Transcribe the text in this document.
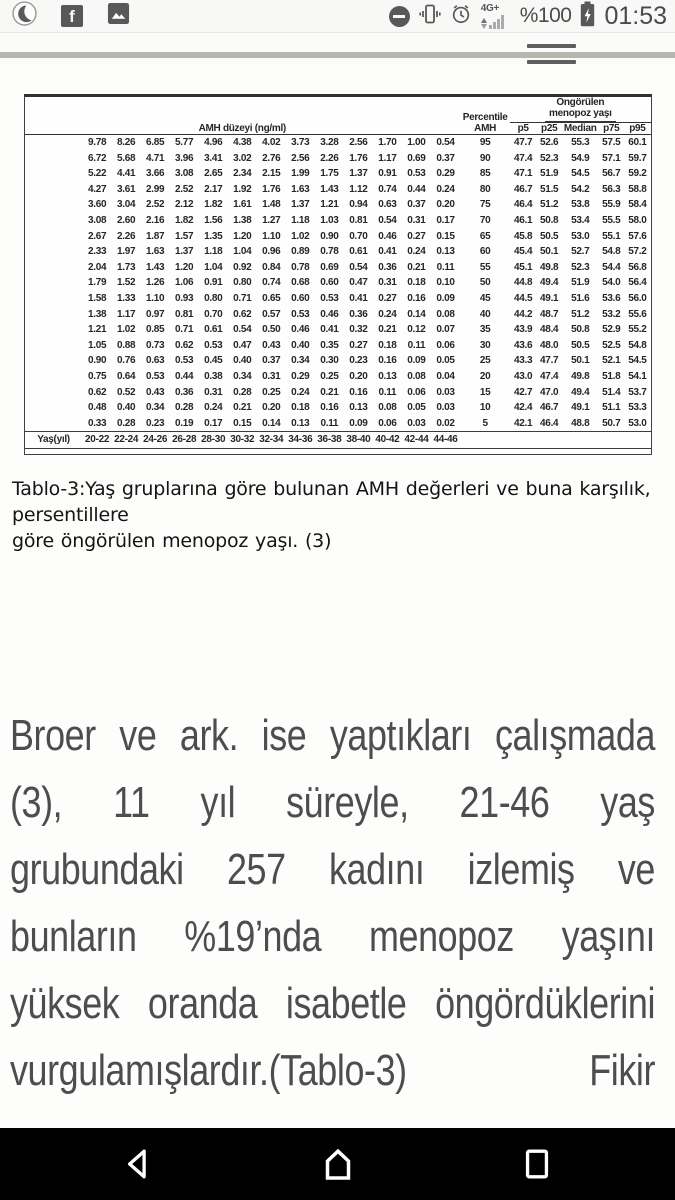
f	4G+ %100 01:53
AMH düzeyi (ng/ml)	
Percentile
AMH

Öngörülen
menopoz yaşı
															p5	p25	Median	p75	p95
	9.78	8.26	6.85	5.77	4.96	4.38	4.02	3.73	3.28	2.56	1.70	1.00	0.54	95	47.7	52.6	55.3	57.5	60.1
	6.72	5.68	4.71	3.96	3.41	3.02	2.76	2.56	2.26	1.76	1.17	0.69	0.37	90	47.4	52.3	54.9	57.1	59.7
	5.22	4.41	3.66	3.08	2.65	2.34	2.15	1.99	1.75	1.37	0.91	0.53	0.29	85	47.1	51.9	54.5	56.7	59.2
	4.27	3.61	2.99	2.52	2.17	1.92	1.76	1.63	1.43	1.12	0.74	0.44	0.24	80	46.7	51.5	54.2	56.3	58.8
	3.60	3.04	2.52	2.12	1.82	1.61	1.48	1.37	1.21	0.94	0.63	0.37	0.20	75	46.4	51.2	53.8	55.9	58.4
	3.08	2.60	2.16	1.82	1.56	1.38	1.27	1.18	1.03	0.81	0.54	0.31	0.17	70	46.1	50.8	53.4	55.5	58.0
	2.67	2.26	1.87	1.57	1.35	1.20	1.10	1.02	0.90	0.70	0.46	0.27	0.15	65	45.8	50.5	53.0	55.1	57.6
	2.33	1.97	1.63	1.37	1.18	1.04	0.96	0.89	0.78	0.61	0.41	0.24	0.13	60	45.4	50.1	52.7	54.8	57.2
	2.04	1.73	1.43	1.20	1.04	0.92	0.84	0.78	0.69	0.54	0.36	0.21	0.11	55	45.1	49.8	52.3	54.4	56.8
	1.79	1.52	1.26	1.06	0.91	0.80	0.74	0.68	0.60	0.47	0.31	0.18	0.10	50	44.8	49.4	51.9	54.0	56.4
	1.58	1.33	1.10	0.93	0.80	0.71	0.65	0.60	0.53	0.41	0.27	0.16	0.09	45	44.5	49.1	51.6	53.6	56.0
	1.38	1.17	0.97	0.81	0.70	0.62	0.57	0.53	0.46	0.36	0.24	0.14	0.08	40	44.2	48.7	51.2	53.2	55.6
	1.21	1.02	0.85	0.71	0.61	0.54	0.50	0.46	0.41	0.32	0.21	0.12	0.07	35	43.9	48.4	50.8	52.9	55.2
	1.05	0.88	0.73	0.62	0.53	0.47	0.43	0.40	0.35	0.27	0.18	0.11	0.06	30	43.6	48.0	50.5	52.5	54.8
	0.90	0.76	0.63	0.53	0.45	0.40	0.37	0.34	0.30	0.23	0.16	0.09	0.05	25	43.3	47.7	50.1	52.1	54.5
	0.75	0.64	0.53	0.44	0.38	0.34	0.31	0.29	0.25	0.20	0.13	0.08	0.04	20	43.0	47.4	49.8	51.8	54.1
	0.62	0.52	0.43	0.36	0.31	0.28	0.25	0.24	0.21	0.16	0.11	0.06	0.03	15	42.7	47.0	49.4	51.4	53.7
	0.48	0.40	0.34	0.28	0.24	0.21	0.20	0.18	0.16	0.13	0.08	0.05	0.03	10	42.4	46.7	49.1	51.1	53.3
	0.33	0.28	0.23	0.19	0.17	0.15	0.14	0.13	0.11	0.09	0.06	0.03	0.02	5	42.1	46.4	48.8	50.7	53.0
Yaş(yıl)	20-22	22-24	24-26	26-28	28-30	30-32	32-34	34-36	36-38	38-40	40-42	42-44	44-46						
Tablo-3:Yaş gruplarına göre bulunan AMH değerleri ve buna karşılık, persentillere
göre öngörülen menopoz yaşı. (3)
Broer ve ark. ise yaptıkları çalışmada
(3), 11 yıl süreyle, 21-46 yaş
grubundaki 257 kadını izlemiş ve
bunların %19’nda menopoz yaşını
yüksek oranda isabetle öngördüklerini
vurgulamışlardır.(Tablo-3)	Fikir
